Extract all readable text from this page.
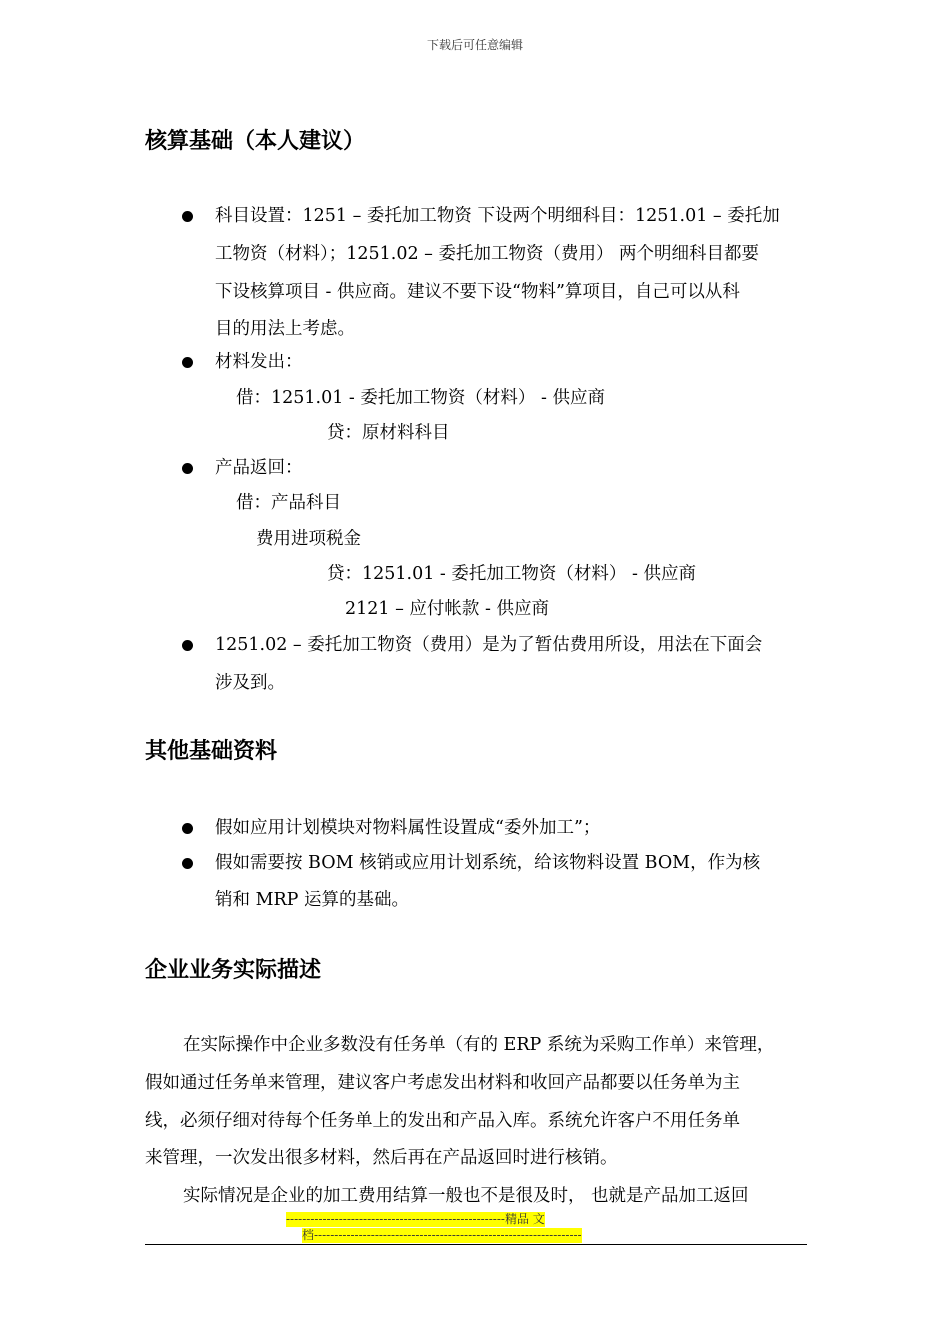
下载后可任意编辑
核算基础（本人建议）
科目设置：1251 – 委托加工物资 下设两个明细科目：1251.01 – 委托加
工物资（材料）；1251.02 – 委托加工物资（费用） 两个明细科目都要
下设核算项目 - 供应商。建议不要下设“物料”算项目，自己可以从科
目的用法上考虑。
材料发出：
借：1251.01 - 委托加工物资（材料） - 供应商
贷：原材料科目
产品返回：
借：产品科目
费用进项税金
贷：1251.01 - 委托加工物资（材料） - 供应商
2121 – 应付帐款 - 供应商
1251.02 – 委托加工物资（费用）是为了暂估费用所设，用法在下面会
涉及到。
其他基础资料
假如应用计划模块对物料属性设置成“委外加工”；
假如需要按 BOM 核销或应用计划系统，给该物料设置 BOM，作为核
销和 MRP 运算的基础。
企业业务实际描述
在实际操作中企业多数没有任务单（有的 ERP 系统为采购工作单）来管理，
假如通过任务单来管理，建议客户考虑发出材料和收回产品都要以任务单为主
线，必须仔细对待每个任务单上的发出和产品入库。系统允许客户不用任务单
来管理，一次发出很多材料，然后再在产品返回时进行核销。
实际情况是企业的加工费用结算一般也不是很及时， 也就是产品加工返回
------------------------------------------------------精品 文
档------------------------------------------------------------------
